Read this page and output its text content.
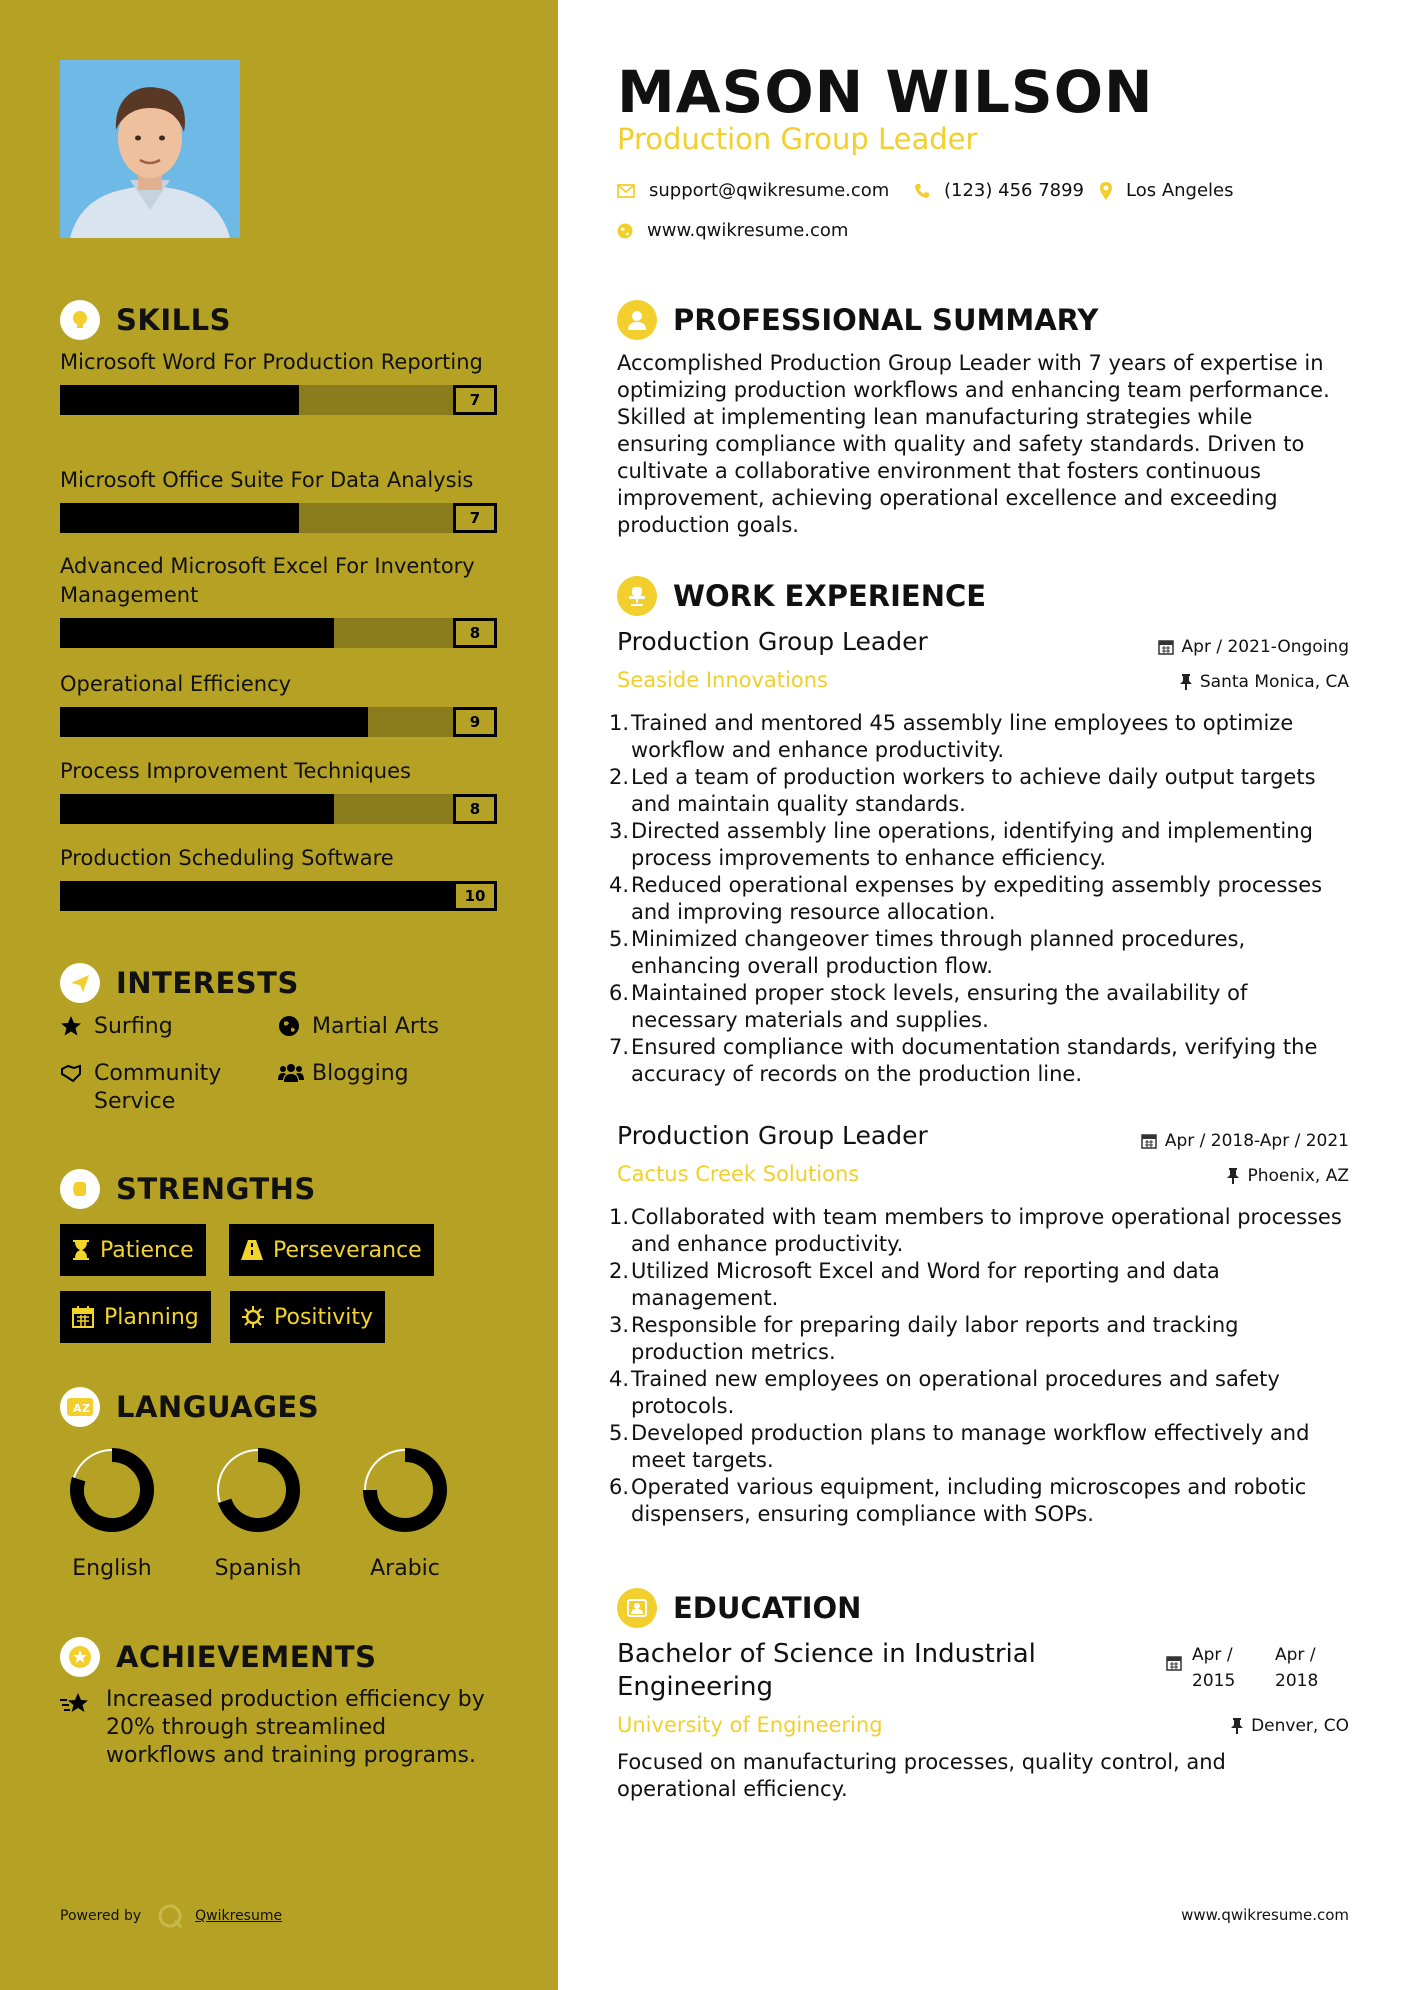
SKILLS
Microsoft Word For Production Reporting
7
Microsoft Office Suite For Data Analysis
7
Advanced Microsoft Excel For Inventory Management
8
Operational Efficiency
9
Process Improvement Techniques
8
Production Scheduling Software
10
INTERESTS
Surfing	Martial Arts
Community Service
Blogging
STRENGTHS
Patience	Perseverance
Planning	Positivity
A Z LANGUAGES
English	Spanish	Arabic
ACHIEVEMENTS
Increased production efficiency by 20% through streamlined workflows and training programs.
Powered by	Qwikresume
MASON WILSON
Production Group Leader
support@qwikresume.com	(123) 456 7899 Los Angeles
www.qwikresume.com
PROFESSIONAL SUMMARY
Accomplished Production Group Leader with 7 years of expertise in optimizing production workflows and enhancing team performance. Skilled at implementing lean manufacturing strategies while ensuring compliance with quality and safety standards. Driven to cultivate a collaborative environment that fosters continuous improvement, achieving operational excellence and exceeding production goals.
WORK EXPERIENCE
Production Group Leader	Apr / 2021-Ongoing
Seaside Innovations	Santa Monica, CA
1. Trained and mentored 45 assembly line employees to optimize workflow and enhance productivity.
2. Led a team of production workers to achieve daily output targets and maintain quality standards.
3. Directed assembly line operations, identifying and implementing process improvements to enhance efficiency.
4. Reduced operational expenses by expediting assembly processes and improving resource allocation.
5. Minimized changeover times through planned procedures, enhancing overall production flow.
6. Maintained proper stock levels, ensuring the availability of necessary materials and supplies.
7. Ensured compliance with documentation standards, verifying the accuracy of records on the production line.
Production Group Leader	Apr / 2018-Apr / 2021
Cactus Creek Solutions	Phoenix, AZ
1. Collaborated with team members to improve operational processes and enhance productivity.
2. Utilized Microsoft Excel and Word for reporting and data management.
3. Responsible for preparing daily labor reports and tracking production metrics.
4. Trained new employees on operational procedures and safety protocols.
5. Developed production plans to manage workflow effectively and meet targets.
6. Operated various equipment, including microscopes and robotic dispensers, ensuring compliance with SOPs.
EDUCATION
Bachelor of Science in Industrial Engineering
Apr / 2015
Apr / 2018
University of Engineering	Denver, CO
Focused on manufacturing processes, quality control, and operational efficiency.
www.qwikresume.com
